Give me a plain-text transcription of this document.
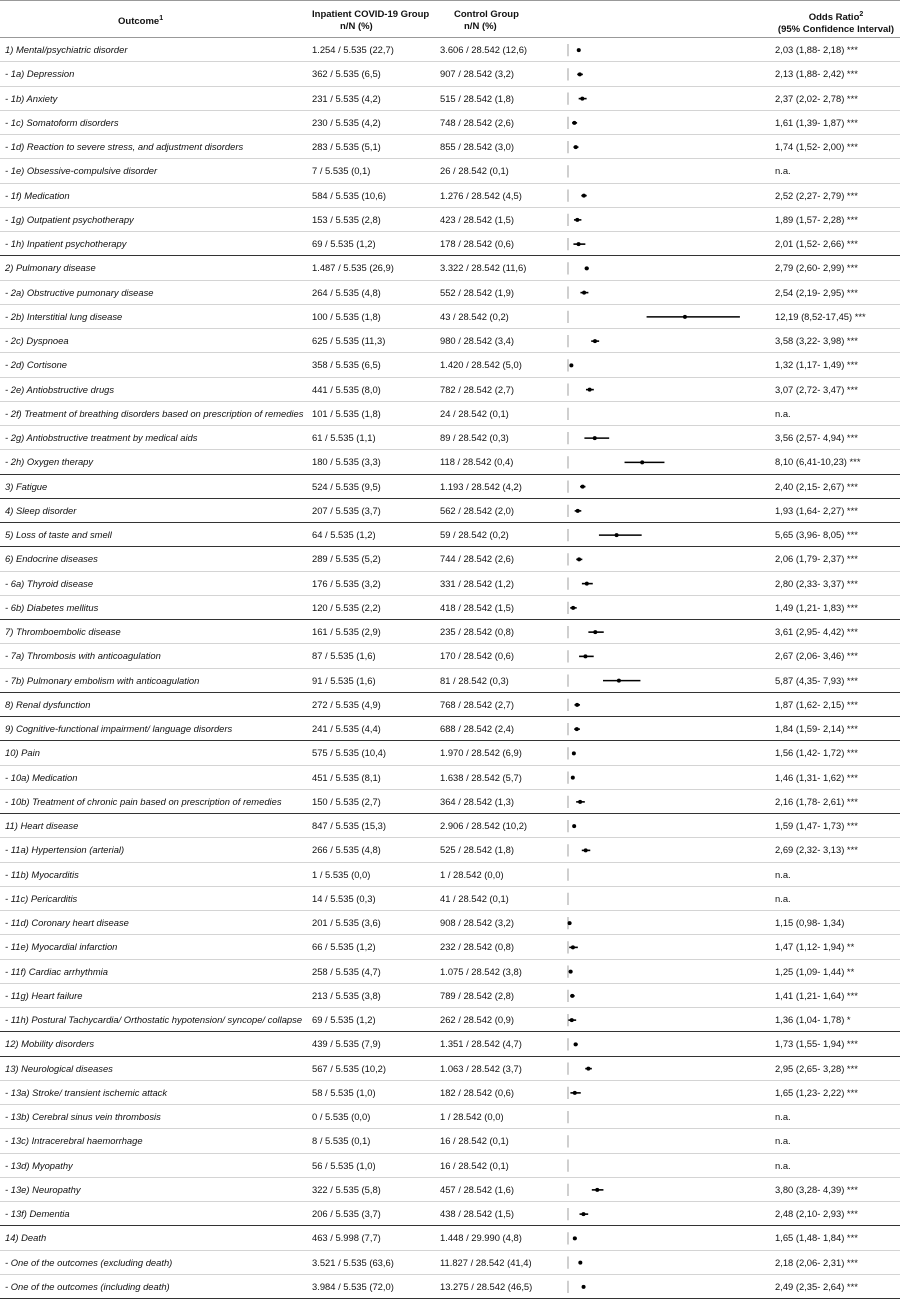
Outcome$^1$	Inpatient COVID-19 Group
n/N (%)
Control Group
n/N (%)
Odds Ratio$^2$
(95% Confidence Interval)
1) Mental/psychiatric disorder	1.254 / 5.535 (22,7)	3.606 / 28.542 (12,6)	2,03 (1,88- 2,18) ***
- 1a) Depression	362 / 5.535 (6,5)	907 / 28.542 (3,2)	2,13 (1,88- 2,42) ***
- 1b) Anxiety	231 / 5.535 (4,2)	515 / 28.542 (1,8)	2,37 (2,02- 2,78) ***
- 1c) Somatoform disorders	230 / 5.535 (4,2)	748 / 28.542 (2,6)	1,61 (1,39- 1,87) ***
- 1d) Reaction to severe stress, and adjustment disorders	283 / 5.535 (5,1)	855 / 28.542 (3,0)	1,74 (1,52- 2,00) ***
- 1e) Obsessive-compulsive disorder	7 / 5.535 (0,1)	26 / 28.542 (0,1)	n.a.
- 1f) Medication	584 / 5.535 (10,6)	1.276 / 28.542 (4,5)	2,52 (2,27- 2,79) ***
- 1g) Outpatient psychotherapy	153 / 5.535 (2,8)	423 / 28.542 (1,5)	1,89 (1,57- 2,28) ***
- 1h) Inpatient psychotherapy	69 / 5.535 (1,2)	178 / 28.542 (0,6)	2,01 (1,52- 2,66) ***
2) Pulmonary disease	1.487 / 5.535 (26,9)	3.322 / 28.542 (11,6)	2,79 (2,60- 2,99) ***
- 2a) Obstructive pumonary disease	264 / 5.535 (4,8)	552 / 28.542 (1,9)	2,54 (2,19- 2,95) ***
- 2b) Interstitial lung disease	100 / 5.535 (1,8)	43 / 28.542 (0,2)	12,19 (8,52-17,45) ***
- 2c) Dyspnoea	625 / 5.535 (11,3)	980 / 28.542 (3,4)	3,58 (3,22- 3,98) ***
- 2d) Cortisone	358 / 5.535 (6,5)	1.420 / 28.542 (5,0)	1,32 (1,17- 1,49) ***
- 2e) Antiobstructive drugs	441 / 5.535 (8,0)	782 / 28.542 (2,7)	3,07 (2,72- 3,47) ***
- 2f) Treatment of breathing disorders based on prescription of remedies 101 / 5.535 (1,8)	24 / 28.542 (0,1)	n.a.
- 2g) Antiobstructive treatment by medical aids	61 / 5.535 (1,1)	89 / 28.542 (0,3)	3,56 (2,57- 4,94) ***
- 2h) Oxygen therapy	180 / 5.535 (3,3)	118 / 28.542 (0,4)	8,10 (6,41-10,23) ***
3) Fatigue	524 / 5.535 (9,5)	1.193 / 28.542 (4,2)	2,40 (2,15- 2,67) ***
4) Sleep disorder	207 / 5.535 (3,7)	562 / 28.542 (2,0)	1,93 (1,64- 2,27) ***
5) Loss of taste and smell	64 / 5.535 (1,2)	59 / 28.542 (0,2)	5,65 (3,96- 8,05) ***
6) Endocrine diseases	289 / 5.535 (5,2)	744 / 28.542 (2,6)	2,06 (1,79- 2,37) ***
- 6a) Thyroid disease	176 / 5.535 (3,2)	331 / 28.542 (1,2)	2,80 (2,33- 3,37) ***
- 6b) Diabetes mellitus	120 / 5.535 (2,2)	418 / 28.542 (1,5)	1,49 (1,21- 1,83) ***
7) Thromboembolic disease	161 / 5.535 (2,9)	235 / 28.542 (0,8)	3,61 (2,95- 4,42) ***
- 7a) Thrombosis with anticoagulation	87 / 5.535 (1,6)	170 / 28.542 (0,6)	2,67 (2,06- 3,46) ***
- 7b) Pulmonary embolism with anticoagulation	91 / 5.535 (1,6)	81 / 28.542 (0,3)	5,87 (4,35- 7,93) ***
8) Renal dysfunction	272 / 5.535 (4,9)	768 / 28.542 (2,7)	1,87 (1,62- 2,15) ***
9) Cognitive-functional impairment/ language disorders	241 / 5.535 (4,4)	688 / 28.542 (2,4)	1,84 (1,59- 2,14) ***
10) Pain	575 / 5.535 (10,4)	1.970 / 28.542 (6,9)	1,56 (1,42- 1,72) ***
- 10a) Medication	451 / 5.535 (8,1)	1.638 / 28.542 (5,7)	1,46 (1,31- 1,62) ***
- 10b) Treatment of chronic pain based on prescription of remedies	150 / 5.535 (2,7)	364 / 28.542 (1,3)	2,16 (1,78- 2,61) ***
11) Heart disease	847 / 5.535 (15,3)	2.906 / 28.542 (10,2)	1,59 (1,47- 1,73) ***
- 11a) Hypertension (arterial)	266 / 5.535 (4,8)	525 / 28.542 (1,8)	2,69 (2,32- 3,13) ***
- 11b) Myocarditis	1 / 5.535 (0,0)	1 / 28.542 (0,0)	n.a.
- 11c) Pericarditis	14 / 5.535 (0,3)	41 / 28.542 (0,1)	n.a.
- 11d) Coronary heart disease	201 / 5.535 (3,6)	908 / 28.542 (3,2)	1,15 (0,98- 1,34)
- 11e) Myocardial infarction	66 / 5.535 (1,2)	232 / 28.542 (0,8)	1,47 (1,12- 1,94) **
- 11f) Cardiac arrhythmia	258 / 5.535 (4,7)	1.075 / 28.542 (3,8)	1,25 (1,09- 1,44) **
- 11g) Heart failure	213 / 5.535 (3,8)	789 / 28.542 (2,8)	1,41 (1,21- 1,64) ***
- 11h) Postural Tachycardia/ Orthostatic hypotension/ syncope/ collapse 69 / 5.535 (1,2)	262 / 28.542 (0,9)	1,36 (1,04- 1,78) *
12) Mobility disorders	439 / 5.535 (7,9)	1.351 / 28.542 (4,7)	1,73 (1,55- 1,94) ***
13) Neurological diseases	567 / 5.535 (10,2)	1.063 / 28.542 (3,7)	2,95 (2,65- 3,28) ***
- 13a) Stroke/ transient ischemic attack	58 / 5.535 (1,0)	182 / 28.542 (0,6)	1,65 (1,23- 2,22) ***
- 13b) Cerebral sinus vein thrombosis	0 / 5.535 (0,0)	1 / 28.542 (0,0)	n.a.
- 13c) Intracerebral haemorrhage	8 / 5.535 (0,1)	16 / 28.542 (0,1)	n.a.
- 13d) Myopathy	56 / 5.535 (1,0)	16 / 28.542 (0,1)	n.a.
- 13e) Neuropathy	322 / 5.535 (5,8)	457 / 28.542 (1,6)	3,80 (3,28- 4,39) ***
- 13f) Dementia	206 / 5.535 (3,7)	438 / 28.542 (1,5)	2,48 (2,10- 2,93) ***
14) Death	463 / 5.998 (7,7)	1.448 / 29.990 (4,8)	1,65 (1,48- 1,84) ***
- One of the outcomes (excluding death)	3.521 / 5.535 (63,6)	11.827 / 28.542 (41,4)	2,18 (2,06- 2,31) ***
- One of the outcomes (including death)	3.984 / 5.535 (72,0)	13.275 / 28.542 (46,5)	2,49 (2,35- 2,64) ***
